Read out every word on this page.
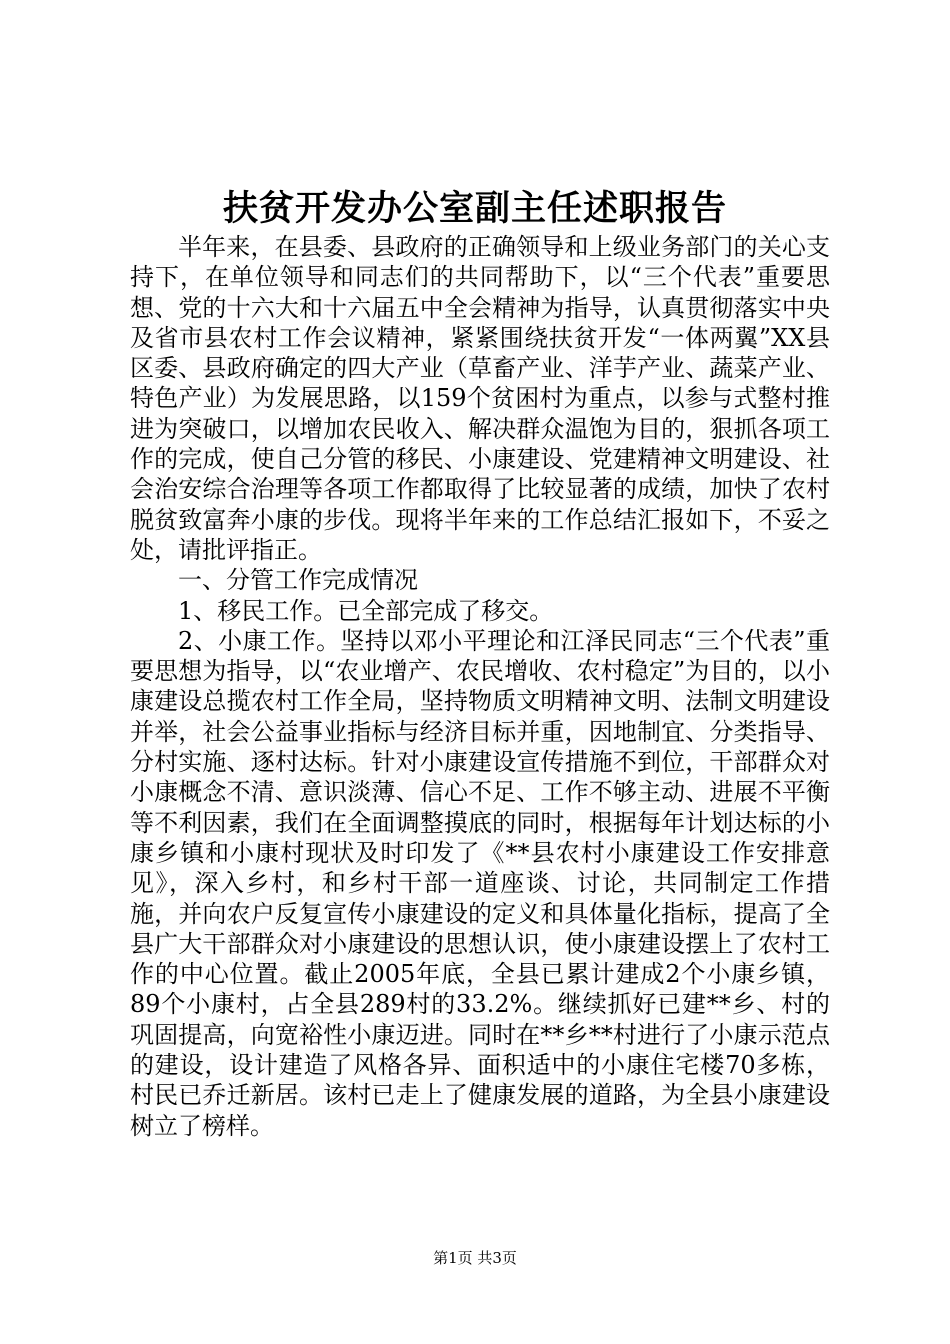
扶贫开发办公室副主任述职报告

半年来，在县委、县政府的正确领导和上级业务部门的关心支持下，在单位领导和同志们的共同帮助下，以“三个代表”重要思想、党的十六大和十六届五中全会精神为指导，认真贯彻落实中央及省市县农村工作会议精神，紧紧围绕扶贫开发“一体两翼”XX县区委、县政府确定的四大产业（草畜产业、洋芋产业、蔬菜产业、特色产业）为发展思路，以159个贫困村为重点，以参与式整村推进为突破口，以增加农民收入、解决群众温饱为目的，狠抓各项工作的完成，使自己分管的移民、小康建设、党建精神文明建设、社会治安综合治理等各项工作都取得了比较显著的成绩，加快了农村脱贫致富奔小康的步伐。现将半年来的工作总结汇报如下，不妥之处，请批评指正。

一、分管工作完成情况

1、移民工作。已全部完成了移交。

2、小康工作。坚持以邓小平理论和江泽民同志“三个代表”重要思想为指导，以“农业增产、农民增收、农村稳定”为目的，以小康建设总揽农村工作全局，坚持物质文明精神文明、法制文明建设并举，社会公益事业指标与经济目标并重，因地制宜、分类指导、分村实施、逐村达标。针对小康建设宣传措施不到位，干部群众对小康概念不清、意识淡薄、信心不足、工作不够主动、进展不平衡等不利因素，我们在全面调整摸底的同时，根据每年计划达标的小康乡镇和小康村现状及时印发了《**县农村小康建设工作安排意见》，深入乡村，和乡村干部一道座谈、讨论，共同制定工作措施，并向农户反复宣传小康建设的定义和具体量化指标，提高了全县广大干部群众对小康建设的思想认识，使小康建设摆上了农村工作的中心位置。截止2005年底，全县已累计建成2个小康乡镇，89个小康村，占全县289村的33.2%。继续抓好已建**乡、村的巩固提高，向宽裕性小康迈进。同时在**乡**村进行了小康示范点的建设，设计建造了风格各异、面积适中的小康住宅楼70多栋，村民已乔迁新居。该村已走上了健康发展的道路，为全县小康建设树立了榜样。

第1页 共3页
